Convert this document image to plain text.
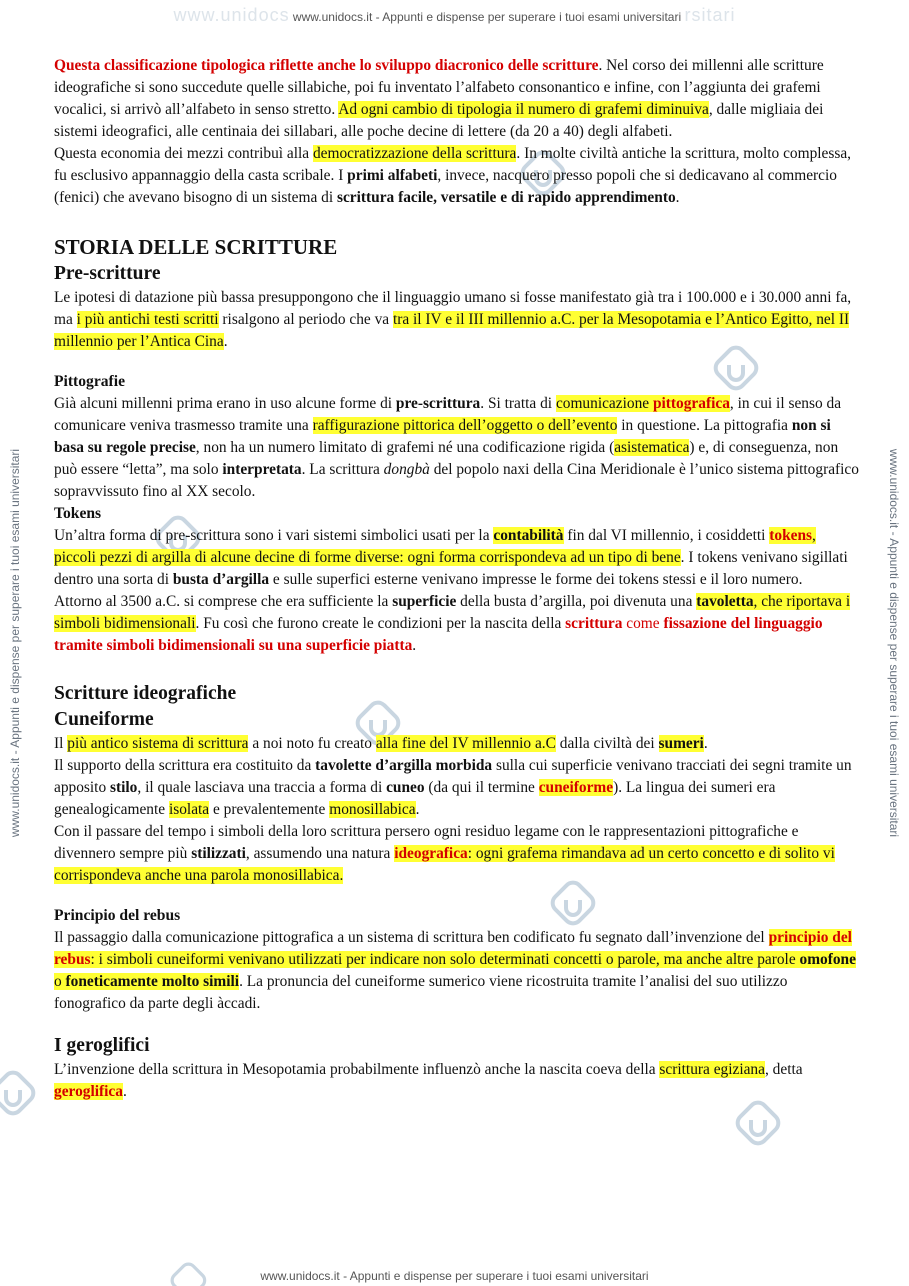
www.unidocs www.unidocs.it - Appunti e dispense per superare i tuoi esami universitari rsitari
www.unidocs.it - Appunti e dispense per superare i tuoi esami universitari
www.unidocs.it - Appunti e dispense per superare i tuoi esami universitari	www.unidocs.it - Appunti e dispense per superare i tuoi esami universitari

Questa classificazione tipologica riflette anche lo sviluppo diacronico delle scritture. Nel corso dei millenni alle scritture ideografiche si sono succedute quelle sillabiche, poi fu inventato l’alfabeto consonantico e infine, con l’aggiunta dei grafemi vocalici, si arrivò all’alfabeto in senso stretto. Ad ogni cambio di tipologia il numero di grafemi diminuiva, dalle migliaia dei sistemi ideografici, alle centinaia dei sillabari, alle poche decine di lettere (da 20 a 40) degli alfabeti.

Questa economia dei mezzi contribuì alla democratizzazione della scrittura. In molte civiltà antiche la scrittura, molto complessa, fu esclusivo appannaggio della casta scribale. I primi alfabeti, invece, nacquero presso popoli che si dedicavano al commercio (fenici) che avevano bisogno di un sistema di scrittura facile, versatile e di rapido apprendimento.

STORIA DELLE SCRITTURE
Pre-scritture

Le ipotesi di datazione più bassa presuppongono che il linguaggio umano si fosse manifestato già tra i 100.000 e i 30.000 anni fa, ma i più antichi testi scritti risalgono al periodo che va tra il IV e il III millennio a.C. per la Mesopotamia e l’Antico Egitto, nel II millennio per l’Antica Cina.

Pittografie

Già alcuni millenni prima erano in uso alcune forme di pre-scrittura. Si tratta di comunicazione pittografica, in cui il senso da comunicare veniva trasmesso tramite una raffigurazione pittorica dell’oggetto o dell’evento in questione. La pittografia non si basa su regole precise, non ha un numero limitato di grafemi né una codificazione rigida (asistematica) e, di conseguenza, non può essere “letta”, ma solo interpretata. La scrittura dongbà del popolo naxi della Cina Meridionale è l’unico sistema pittografico sopravvissuto fino al XX secolo.

Tokens

Un’altra forma di pre-scrittura sono i vari sistemi simbolici usati per la contabilità fin dal VI millennio, i cosiddetti tokens, piccoli pezzi di argilla di alcune decine di forme diverse: ogni forma corrispondeva ad un tipo di bene. I tokens venivano sigillati dentro una sorta di busta d’argilla e sulle superfici esterne venivano impresse le forme dei tokens stessi e il loro numero.

Attorno al 3500 a.C. si comprese che era sufficiente la superficie della busta d’argilla, poi divenuta una tavoletta, che riportava i simboli bidimensionali. Fu così che furono create le condizioni per la nascita della scrittura come fissazione del linguaggio tramite simboli bidimensionali su una superficie piatta.

Scritture ideografiche
Cuneiforme

Il più antico sistema di scrittura a noi noto fu creato alla fine del IV millennio a.C dalla civiltà dei sumeri.

Il supporto della scrittura era costituito da tavolette d’argilla morbida sulla cui superficie venivano tracciati dei segni tramite un apposito stilo, il quale lasciava una traccia a forma di cuneo (da qui il termine cuneiforme). La lingua dei sumeri era genealogicamente isolata e prevalentemente monosillabica.

Con il passare del tempo i simboli della loro scrittura persero ogni residuo legame con le rappresentazioni pittografiche e divennero sempre più stilizzati, assumendo una natura ideografica: ogni grafema rimandava ad un certo concetto e di solito vi corrispondeva anche una parola monosillabica.

Principio del rebus

Il passaggio dalla comunicazione pittografica a un sistema di scrittura ben codificato fu segnato dall’invenzione del principio del rebus: i simboli cuneiformi venivano utilizzati per indicare non solo determinati concetti o parole, ma anche altre parole omofone o foneticamente molto simili. La pronuncia del cuneiforme sumerico viene ricostruita tramite l’analisi del suo utilizzo fonografico da parte degli àccadi.

I geroglifici

L’invenzione della scrittura in Mesopotamia probabilmente influenzò anche la nascita coeva della scrittura egiziana, detta geroglifica.
